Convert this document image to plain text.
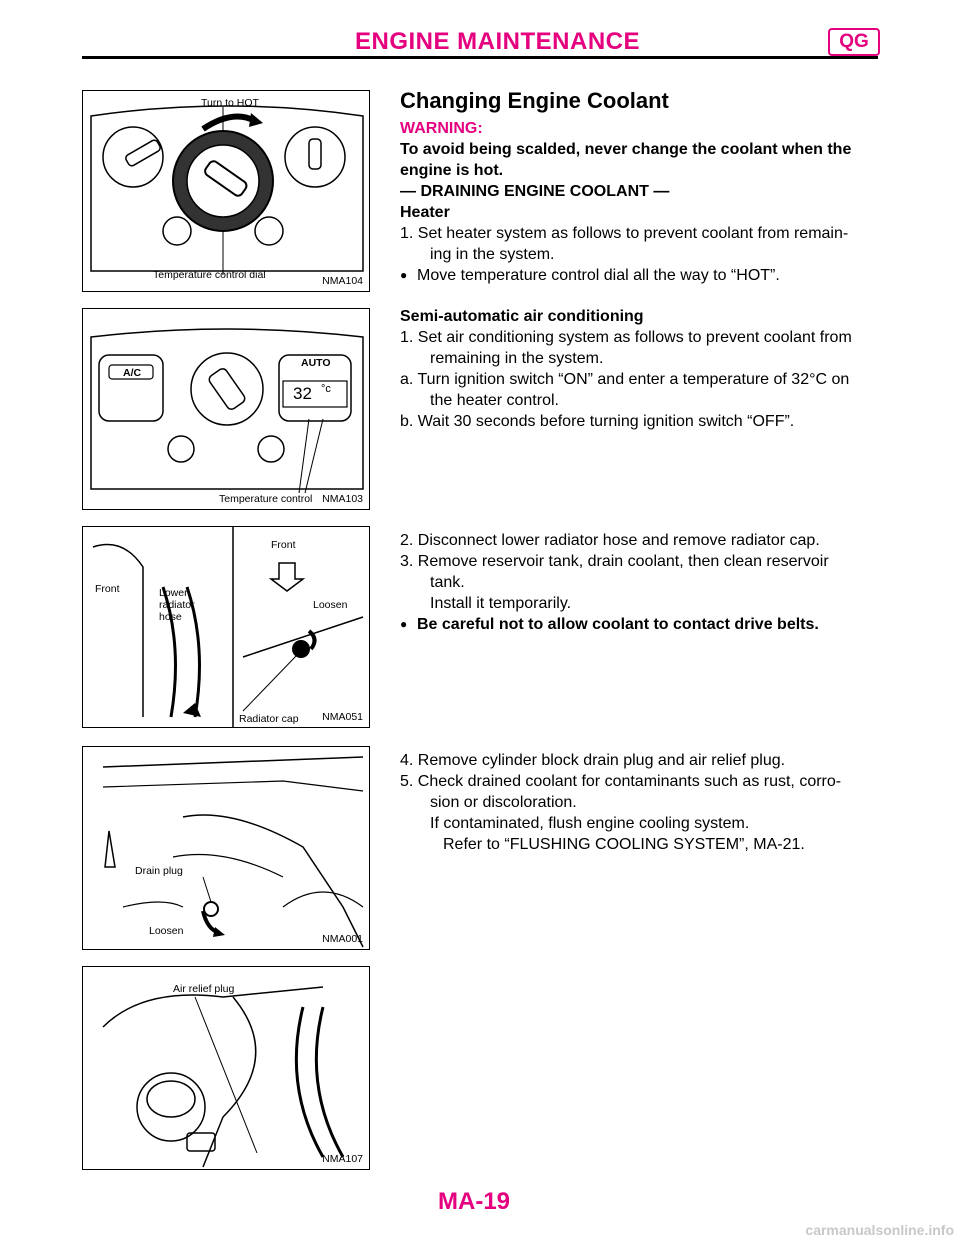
ENGINE MAINTENANCE	QG
Turn to HOT
Temperature control dial	NMA104
A/C
AUTO
32 °c
Temperature control NMA103
Front	Lower
radiator
hose
Front
Loosen
Radiator cap NMA051
Drain plug
Loosen
NMA001
Air relief plug
NMA107

Changing Engine Coolant

WARNING:

To avoid being scalded, never change the coolant when the engine is hot.

— DRAINING ENGINE COOLANT —

Heater

1. Set heater system as follows to prevent coolant from remain-

ing in the system.

● Move temperature control dial all the way to “HOT”.

Semi-automatic air conditioning

1. Set air conditioning system as follows to prevent coolant from

remaining in the system.

a. Turn ignition switch “ON” and enter a temperature of 32°C on

the heater control.

b. Wait 30 seconds before turning ignition switch “OFF”.

2. Disconnect lower radiator hose and remove radiator cap.

3. Remove reservoir tank, drain coolant, then clean reservoir

tank.

Install it temporarily.

● Be careful not to allow coolant to contact drive belts.

4. Remove cylinder block drain plug and air relief plug.

5. Check drained coolant for contaminants such as rust, corro-

sion or discoloration.

If contaminated, flush engine cooling system.

Refer to “FLUSHING COOLING SYSTEM”, MA-21.

MA-19
carmanualsonline.info
